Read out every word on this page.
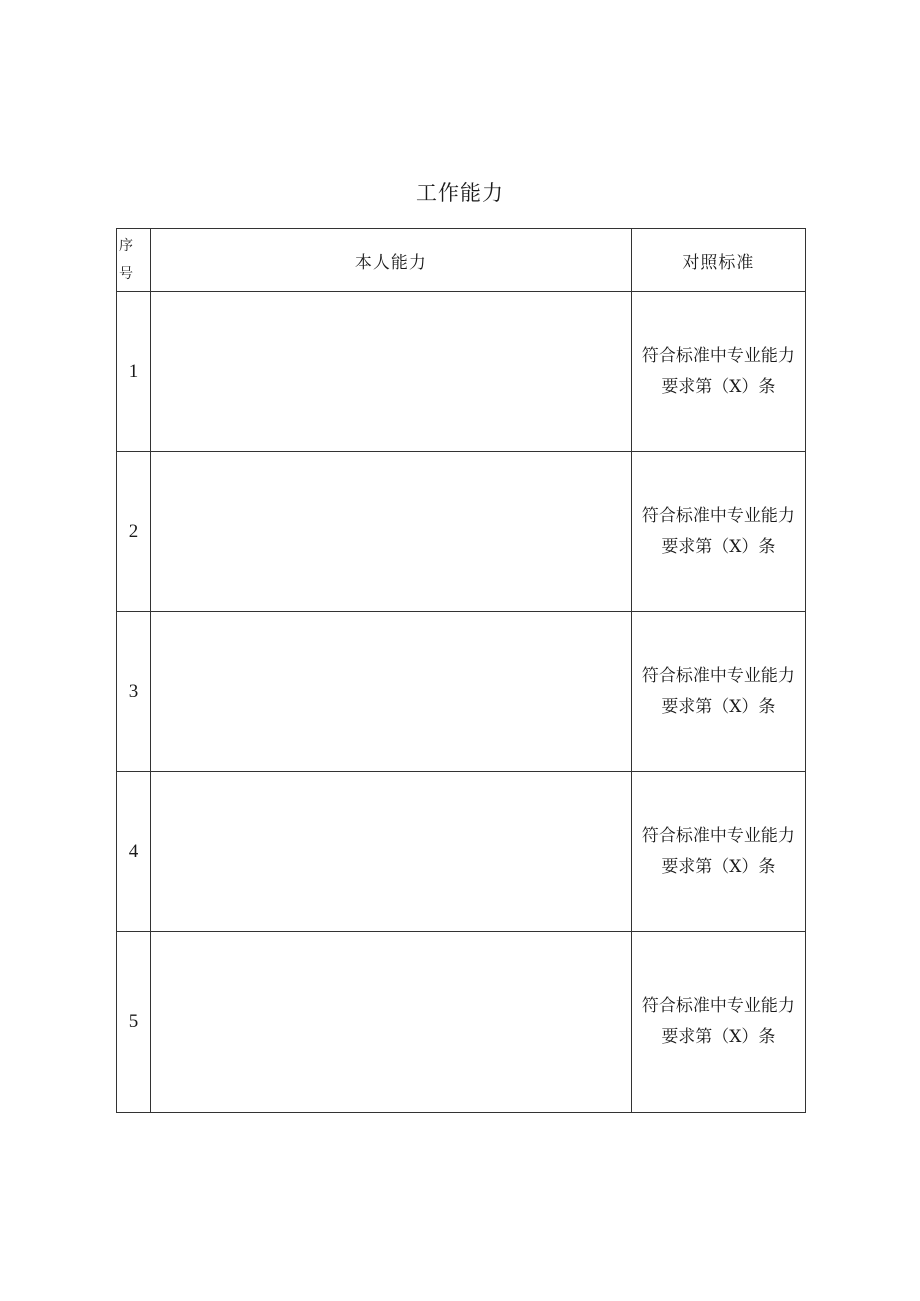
工作能力
序
号	本人能力	对照标准
1		符合标准中专业能力
要求第（X）条

2		符合标准中专业能力
要求第（X）条

3		符合标准中专业能力
要求第（X）条

4		符合标准中专业能力
要求第（X）条

5		符合标准中专业能力
要求第（X）条
